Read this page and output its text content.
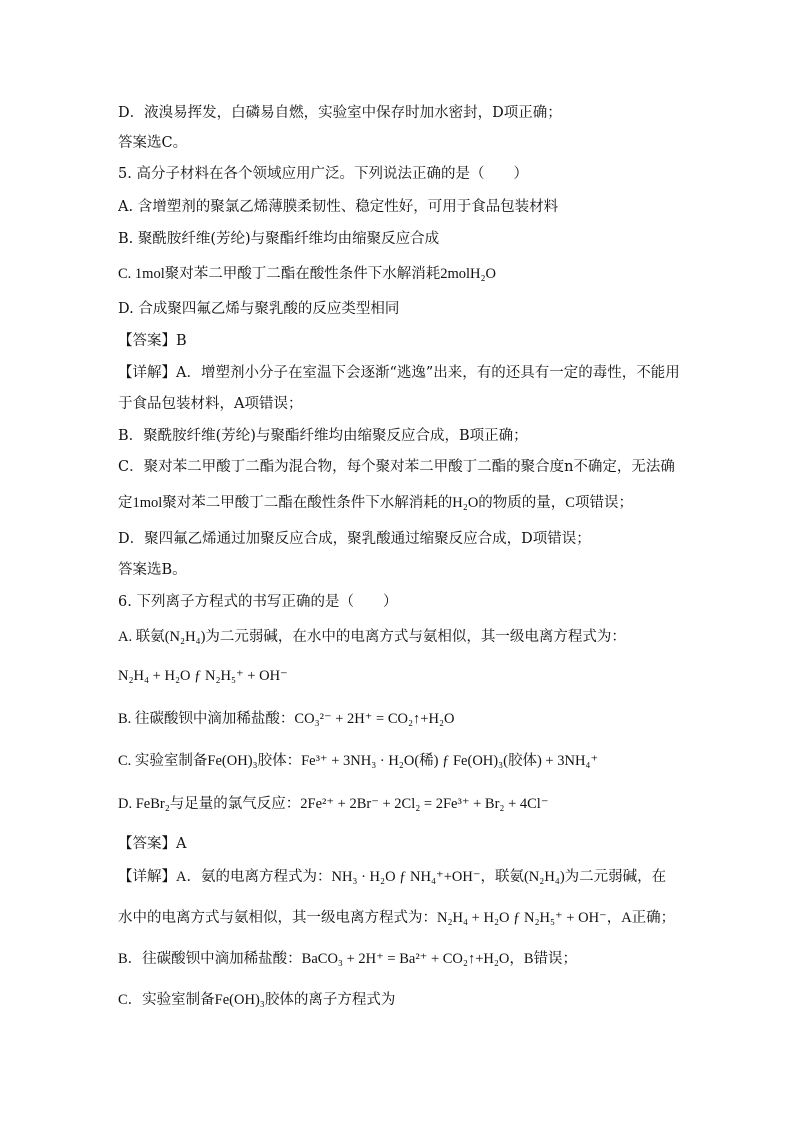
D．液溴易挥发，白磷易自燃，实验室中保存时加水密封，D项正确；
答案选C。
5. 高分子材料在各个领域应用广泛。下列说法正确的是（　　）
A. 含增塑剂的聚氯乙烯薄膜柔韧性、稳定性好，可用于食品包装材料
B. 聚酰胺纤维(芳纶)与聚酯纤维均由缩聚反应合成
C. 1mol聚对苯二甲酸丁二酯在酸性条件下水解消耗2molH₂O
D. 合成聚四氟乙烯与聚乳酸的反应类型相同
【答案】B
【详解】A．增塑剂小分子在室温下会逐渐“逃逸”出来，有的还具有一定的毒性，不能用
于食品包装材料，A项错误；
B．聚酰胺纤维(芳纶)与聚酯纤维均由缩聚反应合成，B项正确；
C．聚对苯二甲酸丁二酯为混合物，每个聚对苯二甲酸丁二酯的聚合度n不确定，无法确
定1mol聚对苯二甲酸丁二酯在酸性条件下水解消耗的H₂O的物质的量，C项错误；
D．聚四氟乙烯通过加聚反应合成，聚乳酸通过缩聚反应合成，D项错误；
答案选B。
6. 下列离子方程式的书写正确的是（　　）
A. 联氨(N₂H₄)为二元弱碱，在水中的电离方式与氨相似，其一级电离方程式为：
N₂H₄ + H₂O ƒ N₂H₅⁺ + OH⁻
B. 往碳酸钡中滴加稀盐酸：CO₃²⁻ + 2H⁺ = CO₂↑+H₂O
C. 实验室制备Fe(OH)₃胶体：Fe³⁺ + 3NH₃ · H₂O(稀) ƒ Fe(OH)₃(胶体) + 3NH₄⁺
D. FeBr₂与足量的氯气反应：2Fe²⁺ + 2Br⁻ + 2Cl₂ = 2Fe³⁺ + Br₂ + 4Cl⁻
【答案】A
【详解】A．氨的电离方程式为：NH₃ · H₂O ƒ NH₄⁺+OH⁻，联氨(N₂H₄)为二元弱碱，在
水中的电离方式与氨相似，其一级电离方程式为：N₂H₄ + H₂O ƒ N₂H₅⁺ + OH⁻，A正确；
B．往碳酸钡中滴加稀盐酸：BaCO₃ + 2H⁺ = Ba²⁺ + CO₂↑+H₂O，B错误；
C．实验室制备Fe(OH)₃胶体的离子方程式为
